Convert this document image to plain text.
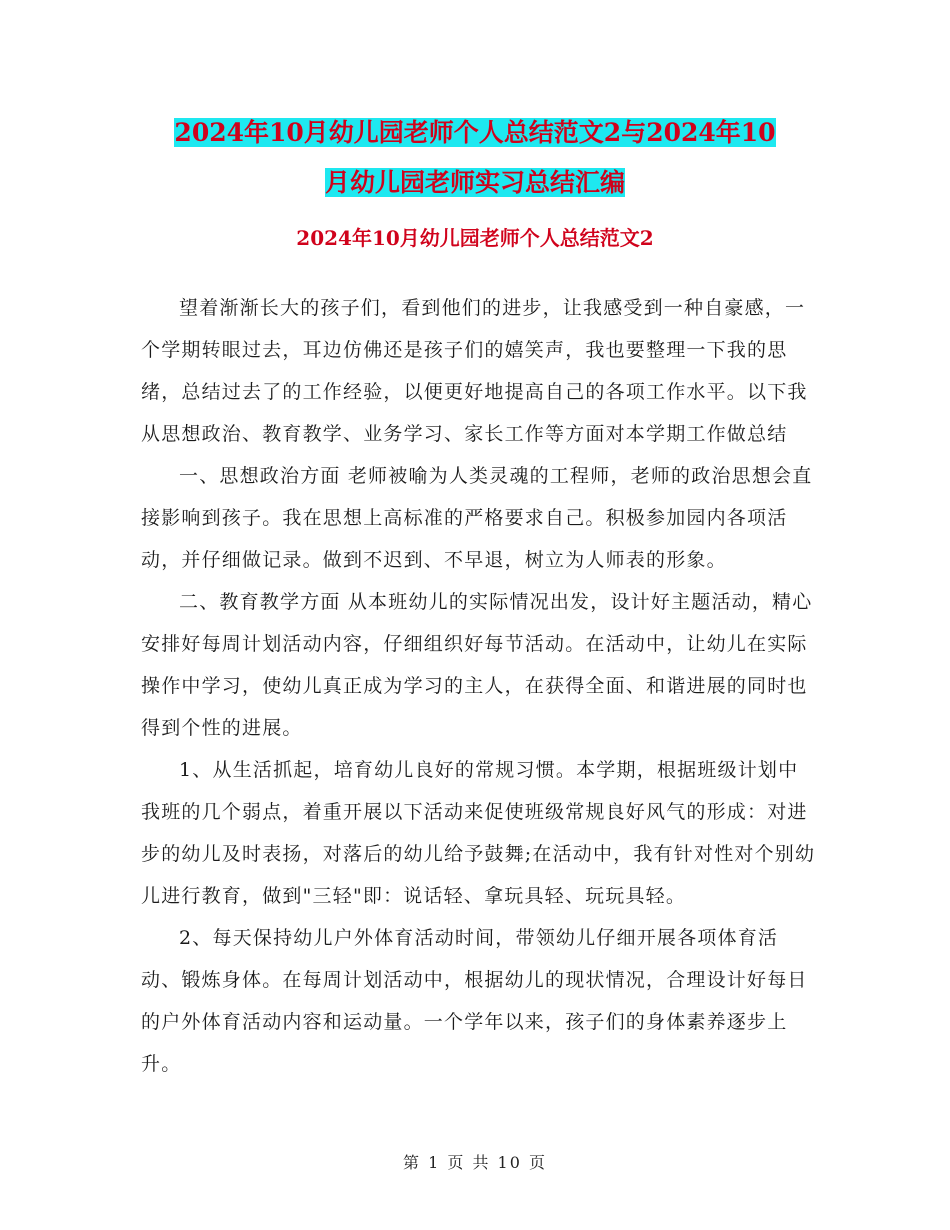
2024年10月幼儿园老师个人总结范文2与2024年10
月幼儿园老师实习总结汇编
2024年10月幼儿园老师个人总结范文2

望着渐渐长大的孩子们，看到他们的进步，让我感受到一种自豪感，一个学期转眼过去，耳边仿佛还是孩子们的嬉笑声，我也要整理一下我的思绪，总结过去了的工作经验，以便更好地提高自己的各项工作水平。以下我从思想政治、教育教学、业务学习、家长工作等方面对本学期工作做总结

一、思想政治方面 老师被喻为人类灵魂的工程师，老师的政治思想会直接影响到孩子。我在思想上高标准的严格要求自己。积极参加园内各项活动，并仔细做记录。做到不迟到、不早退，树立为人师表的形象。

二、教育教学方面 从本班幼儿的实际情况出发，设计好主题活动，精心安排好每周计划活动内容，仔细组织好每节活动。在活动中，让幼儿在实际操作中学习，使幼儿真正成为学习的主人，在获得全面、和谐进展的同时也得到个性的进展。

1、从生活抓起，培育幼儿良好的常规习惯。本学期，根据班级计划中我班的几个弱点，着重开展以下活动来促使班级常规良好风气的形成：对进步的幼儿及时表扬，对落后的幼儿给予鼓舞;在活动中，我有针对性对个别幼儿进行教育，做到"三轻"即：说话轻、拿玩具轻、玩玩具轻。

2、每天保持幼儿户外体育活动时间，带领幼儿仔细开展各项体育活动、锻炼身体。在每周计划活动中，根据幼儿的现状情况，合理设计好每日的户外体育活动内容和运动量。一个学年以来，孩子们的身体素养逐步上升。

第 1 页 共 10 页
